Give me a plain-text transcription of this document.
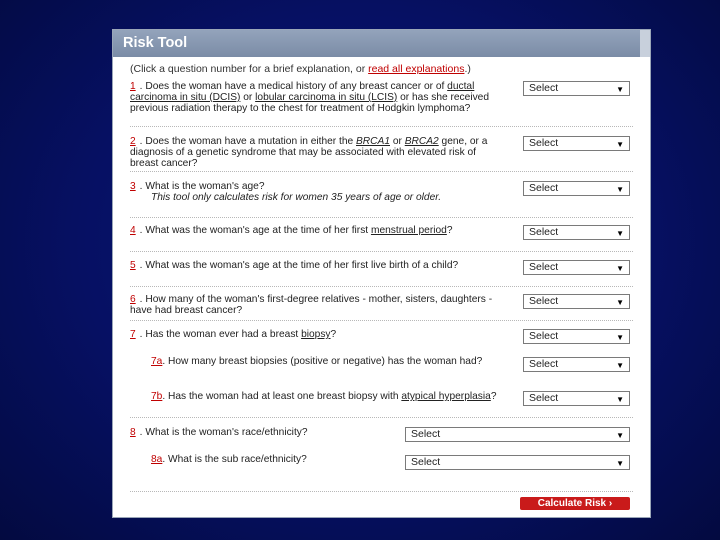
Risk Tool
(Click a question number for a brief explanation, or read all explanations.)
1 . Does the woman have a medical history of any breast cancer or of ductal carcinoma in situ (DCIS) or lobular carcinoma in situ (LCIS) or has she received previous radiation therapy to the chest for treatment of Hodgkin lymphoma?
Select	▼
2 . Does the woman have a mutation in either the BRCA1 or BRCA2 gene, or a diagnosis of a genetic syndrome that may be associated with elevated risk of breast cancer?
Select	▼
3 . What is the woman's age?
This tool only calculates risk for women 35 years of age or older.
Select	▼
4 . What was the woman's age at the time of her first menstrual period?	Select	▼
5 . What was the woman's age at the time of her first live birth of a child?	Select	▼
6 . How many of the woman's first-degree relatives - mother, sisters, daughters - have had breast cancer?
Select	▼
7 . Has the woman ever had a breast biopsy?	Select	▼
7a. How many breast biopsies (positive or negative) has the woman had?	Select	▼
7b. Has the woman had at least one breast biopsy with atypical hyperplasia?	Select	▼
8 . What is the woman's race/ethnicity?	Select	▼
8a. What is the sub race/ethnicity?	Select	▼
Calculate Risk ›
